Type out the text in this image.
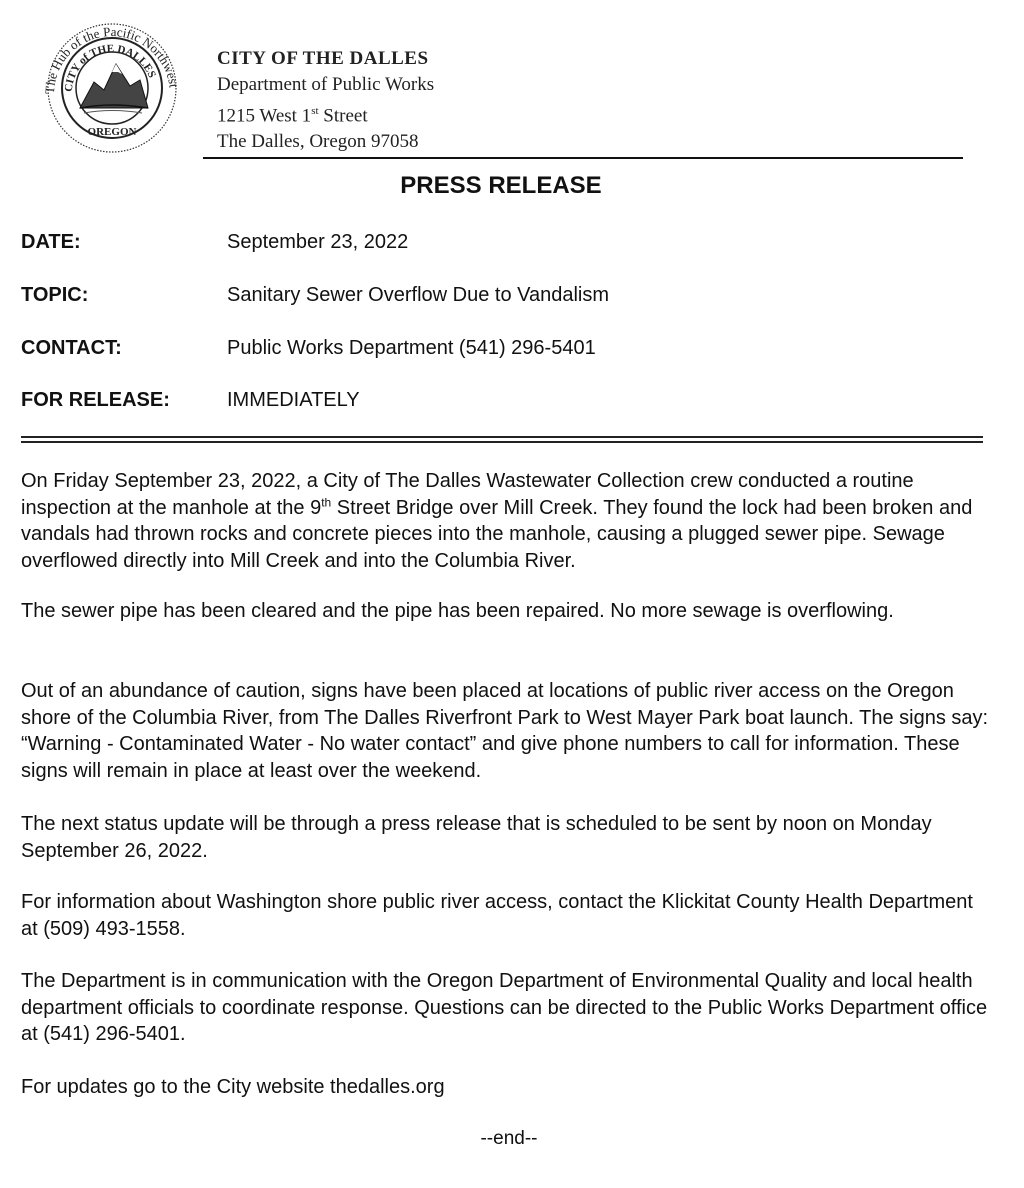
The Hub of the Pacific Northwest
CITY of THE DALLES
OREGON
CITY OF THE DALLES
Department of Public Works
1215 West 1st Street
The Dalles, Oregon 97058
PRESS RELEASE
DATE:	September 23, 2022
TOPIC:	Sanitary Sewer Overflow Due to Vandalism
CONTACT:	Public Works Department (541) 296-5401
FOR RELEASE:	IMMEDIATELY
On Friday September 23, 2022, a City of The Dalles Wastewater Collection crew conducted a routine inspection at the manhole at the 9th Street Bridge over Mill Creek. They found the lock had been broken and vandals had thrown rocks and concrete pieces into the manhole, causing a plugged sewer pipe. Sewage overflowed directly into Mill Creek and into the Columbia River.
The sewer pipe has been cleared and the pipe has been repaired. No more sewage is overflowing.
Out of an abundance of caution, signs have been placed at locations of public river access on the Oregon shore of the Columbia River, from The Dalles Riverfront Park to West Mayer Park boat launch. The signs say: “Warning - Contaminated Water - No water contact” and give phone numbers to call for information. These signs will remain in place at least over the weekend.
The next status update will be through a press release that is scheduled to be sent by noon on Monday September 26, 2022.
For information about Washington shore public river access, contact the Klickitat County Health Department at (509) 493-1558.
The Department is in communication with the Oregon Department of Environmental Quality and local health department officials to coordinate response. Questions can be directed to the Public Works Department office at (541) 296-5401.
For updates go to the City website thedalles.org
--end--
